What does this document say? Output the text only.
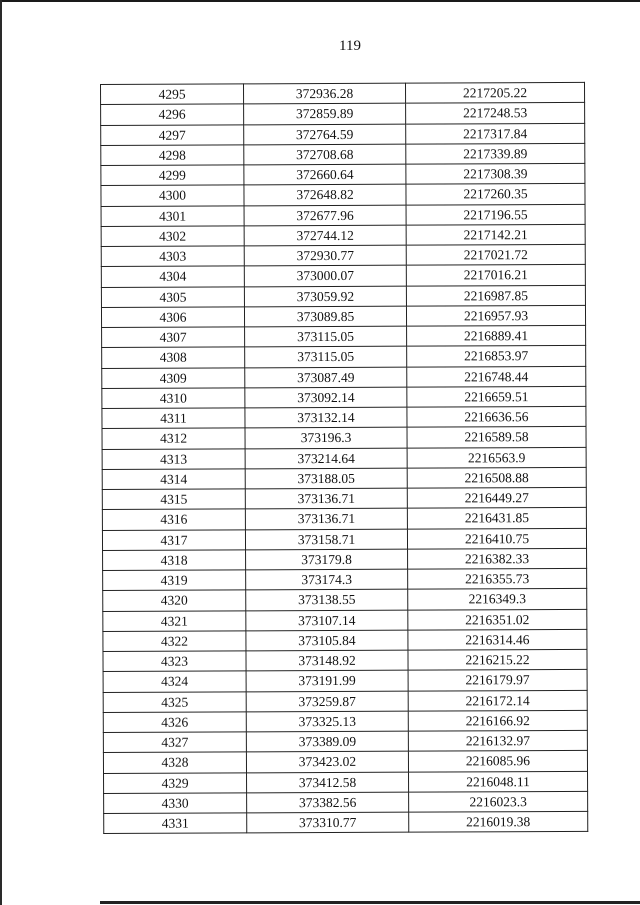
119
4295	372936.28	2217205.22
4296	372859.89	2217248.53
4297	372764.59	2217317.84
4298	372708.68	2217339.89
4299	372660.64	2217308.39
4300	372648.82	2217260.35
4301	372677.96	2217196.55
4302	372744.12	2217142.21
4303	372930.77	2217021.72
4304	373000.07	2217016.21
4305	373059.92	2216987.85
4306	373089.85	2216957.93
4307	373115.05	2216889.41
4308	373115.05	2216853.97
4309	373087.49	2216748.44
4310	373092.14	2216659.51
4311	373132.14	2216636.56
4312	373196.3	2216589.58
4313	373214.64	2216563.9
4314	373188.05	2216508.88
4315	373136.71	2216449.27
4316	373136.71	2216431.85
4317	373158.71	2216410.75
4318	373179.8	2216382.33
4319	373174.3	2216355.73
4320	373138.55	2216349.3
4321	373107.14	2216351.02
4322	373105.84	2216314.46
4323	373148.92	2216215.22
4324	373191.99	2216179.97
4325	373259.87	2216172.14
4326	373325.13	2216166.92
4327	373389.09	2216132.97
4328	373423.02	2216085.96
4329	373412.58	2216048.11
4330	373382.56	2216023.3
4331	373310.77	2216019.38
